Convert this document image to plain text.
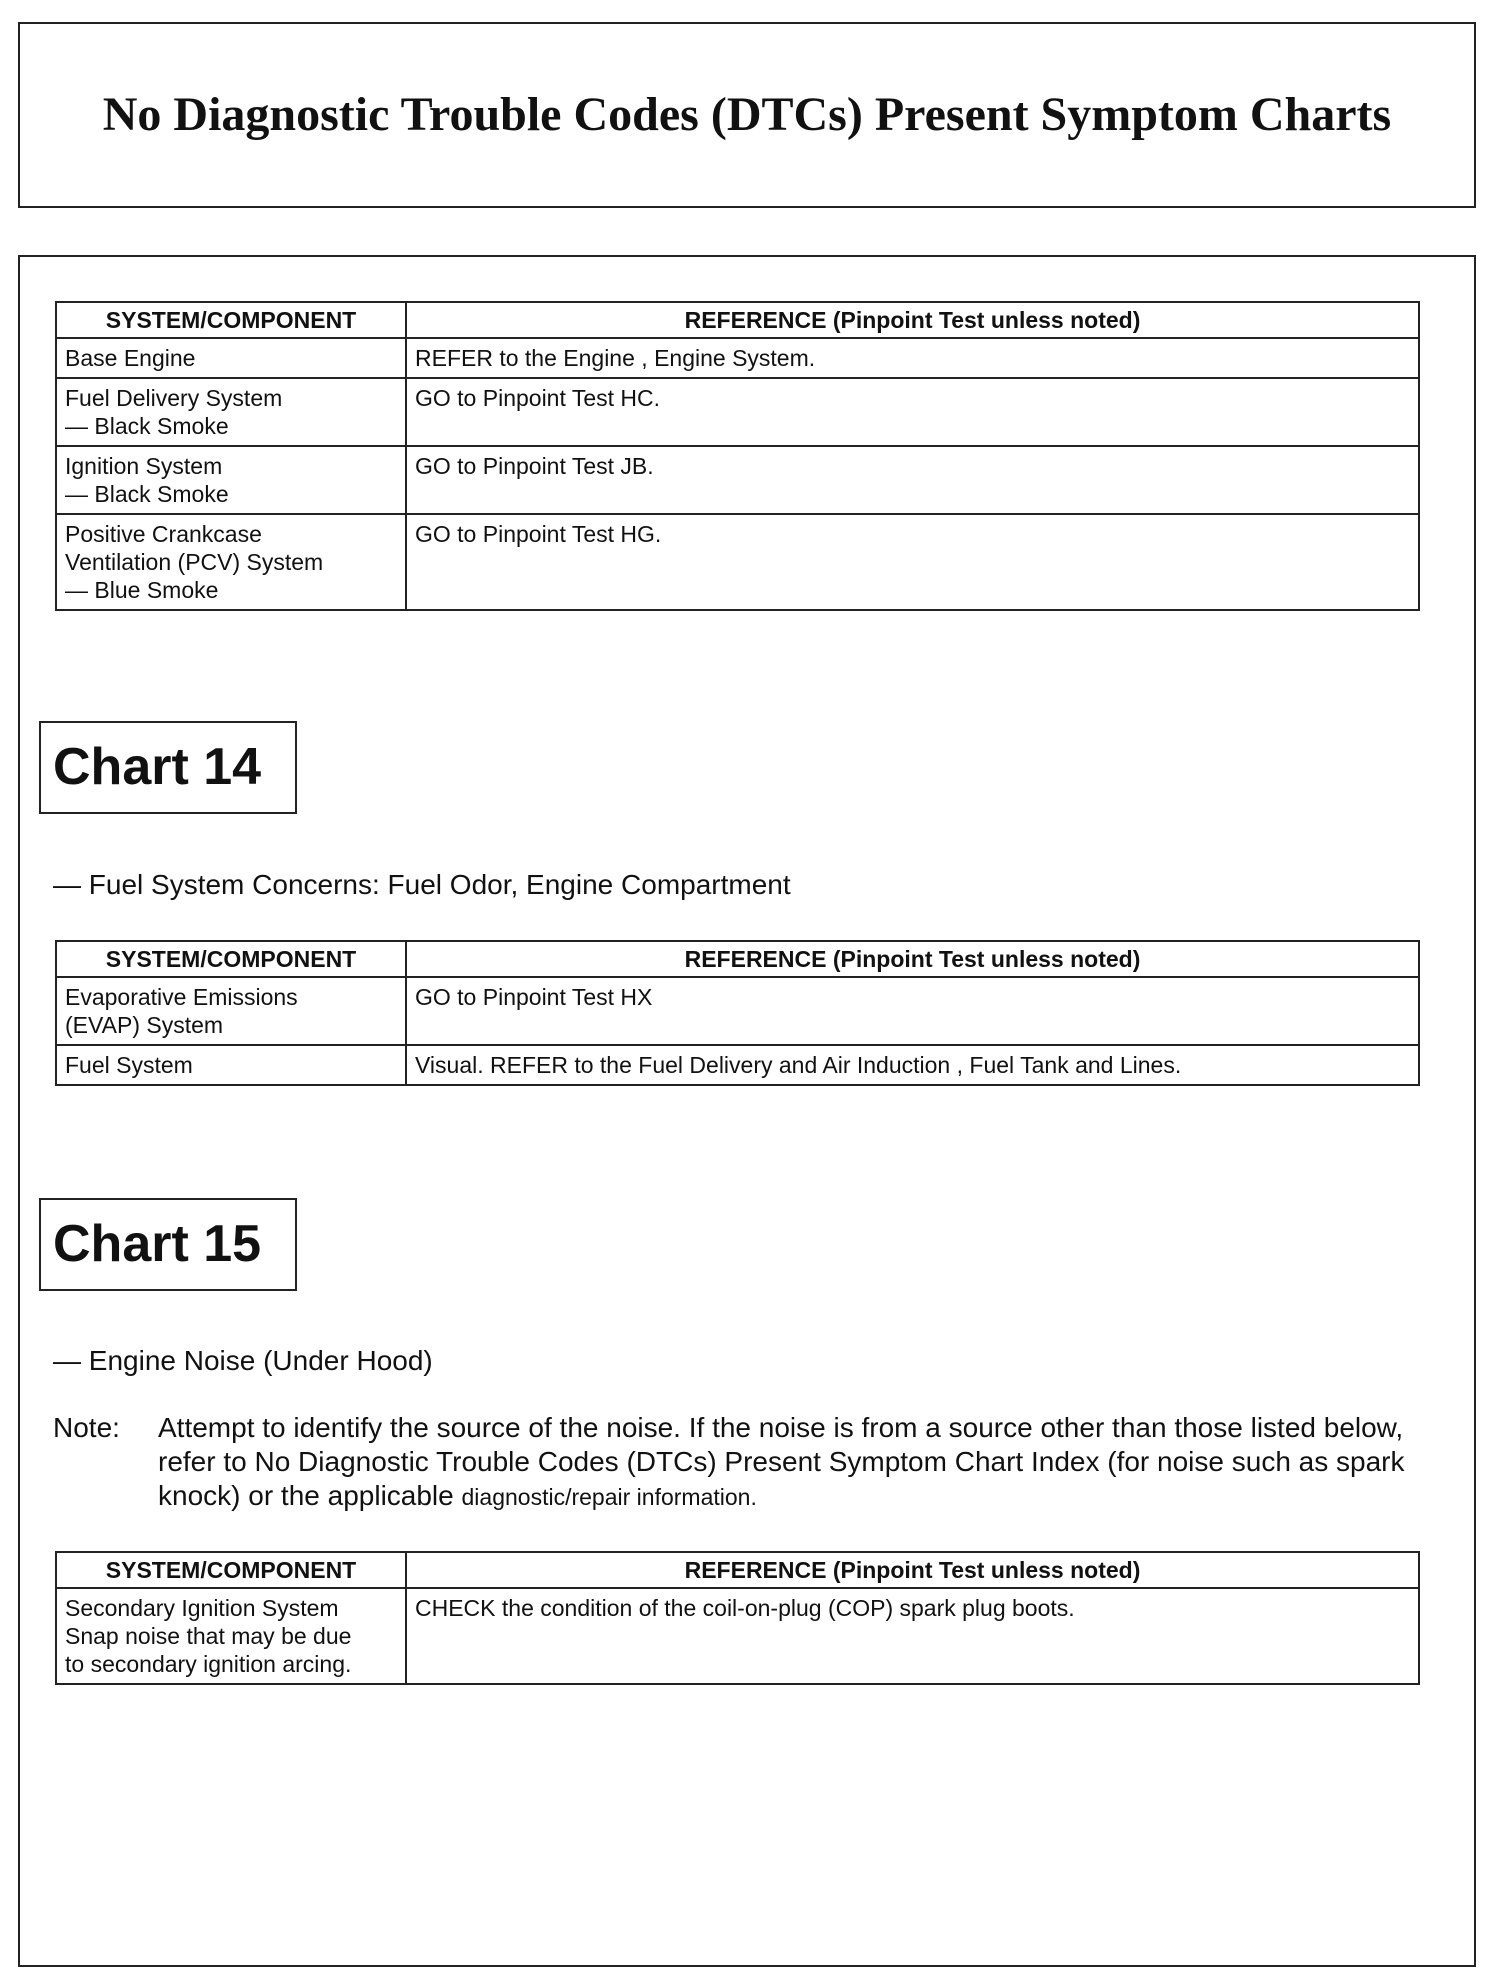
No Diagnostic Trouble Codes (DTCs) Present Symptom Charts
SYSTEM/COMPONENT	REFERENCE (Pinpoint Test unless noted)
Base Engine	REFER to the Engine , Engine System.
Fuel Delivery System
— Black Smoke	GO to Pinpoint Test HC.
Ignition System
— Black Smoke	GO to Pinpoint Test JB.
Positive Crankcase
Ventilation (PCV) System
— Blue Smoke	GO to Pinpoint Test HG.
Chart 14
— Fuel System Concerns: Fuel Odor, Engine Compartment
SYSTEM/COMPONENT	REFERENCE (Pinpoint Test unless noted)
Evaporative Emissions
(EVAP) System	GO to Pinpoint Test HX
Fuel System	Visual. REFER to the Fuel Delivery and Air Induction , Fuel Tank and Lines.
Chart 15
— Engine Noise (Under Hood)
Note: Attempt to identify the source of the noise. If the noise is from a source other than those listed below, refer to No Diagnostic Trouble Codes (DTCs) Present Symptom Chart Index (for noise such as spark knock) or the applicable diagnostic/repair information.
SYSTEM/COMPONENT	REFERENCE (Pinpoint Test unless noted)
Secondary Ignition System
Snap noise that may be due
to secondary ignition arcing.	CHECK the condition of the coil-on-plug (COP) spark plug boots.
